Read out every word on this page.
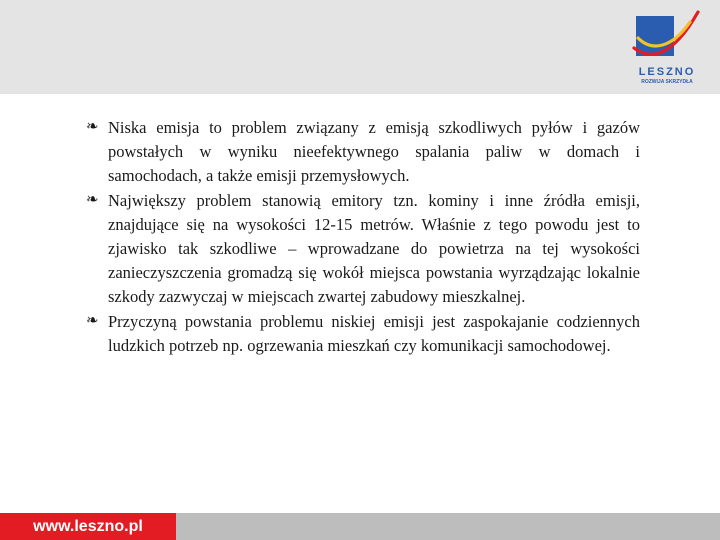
LESZNO
ROZWIJA SKRZYDŁA
❧ Niska emisja to problem związany z emisją szkodliwych pyłów i gazów powstałych w wyniku nieefektywnego spalania paliw w domach i samochodach, a także emisji przemysłowych.
❧ Największy problem stanowią emitory tzn. kominy i inne źródła emisji, znajdujące się na wysokości 12-15 metrów. Właśnie z tego powodu jest to zjawisko tak szkodliwe – wprowadzane do powietrza na tej wysokości zanieczyszczenia gromadzą się wokół miejsca powstania wyrządzając lokalnie szkody zazwyczaj w miejscach zwartej zabudowy mieszkalnej.
❧ Przyczyną powstania problemu niskiej emisji jest zaspokajanie codziennych ludzkich potrzeb np. ogrzewania mieszkań czy komunikacji samochodowej.
www.leszno.pl
